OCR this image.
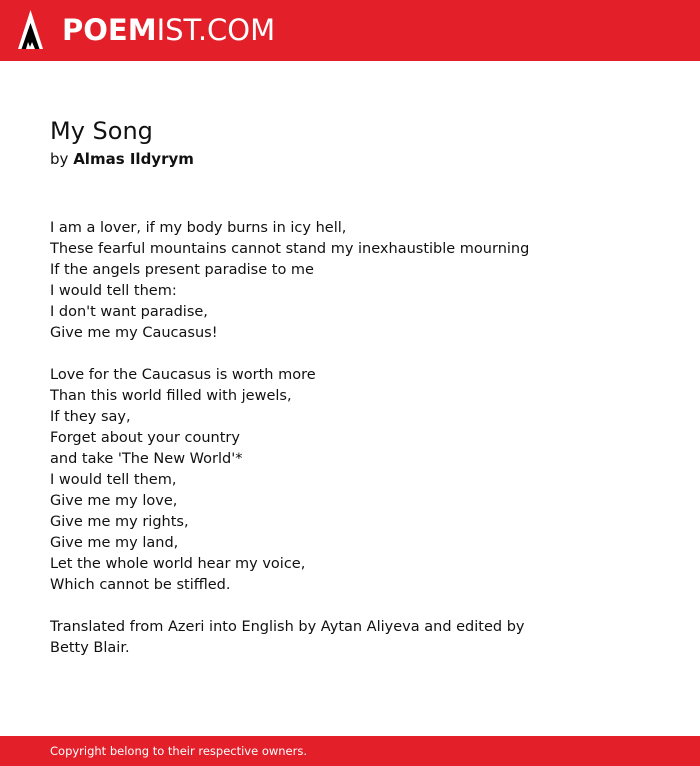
POEMIST.COM
My Song
by Almas Ildyrym
I am a lover, if my body burns in icy hell,
These fearful mountains cannot stand my inexhaustible mourning
If the angels present paradise to me
I would tell them:
I don't want paradise,
Give me my Caucasus!
Love for the Caucasus is worth more
Than this world filled with jewels,
If they say,
Forget about your country
and take 'The New World'*
I would tell them,
Give me my love,
Give me my rights,
Give me my land,
Let the whole world hear my voice,
Which cannot be stiffled.
Translated from Azeri into English by Aytan Aliyeva and edited by Betty Blair.
Copyright belong to their respective owners.
